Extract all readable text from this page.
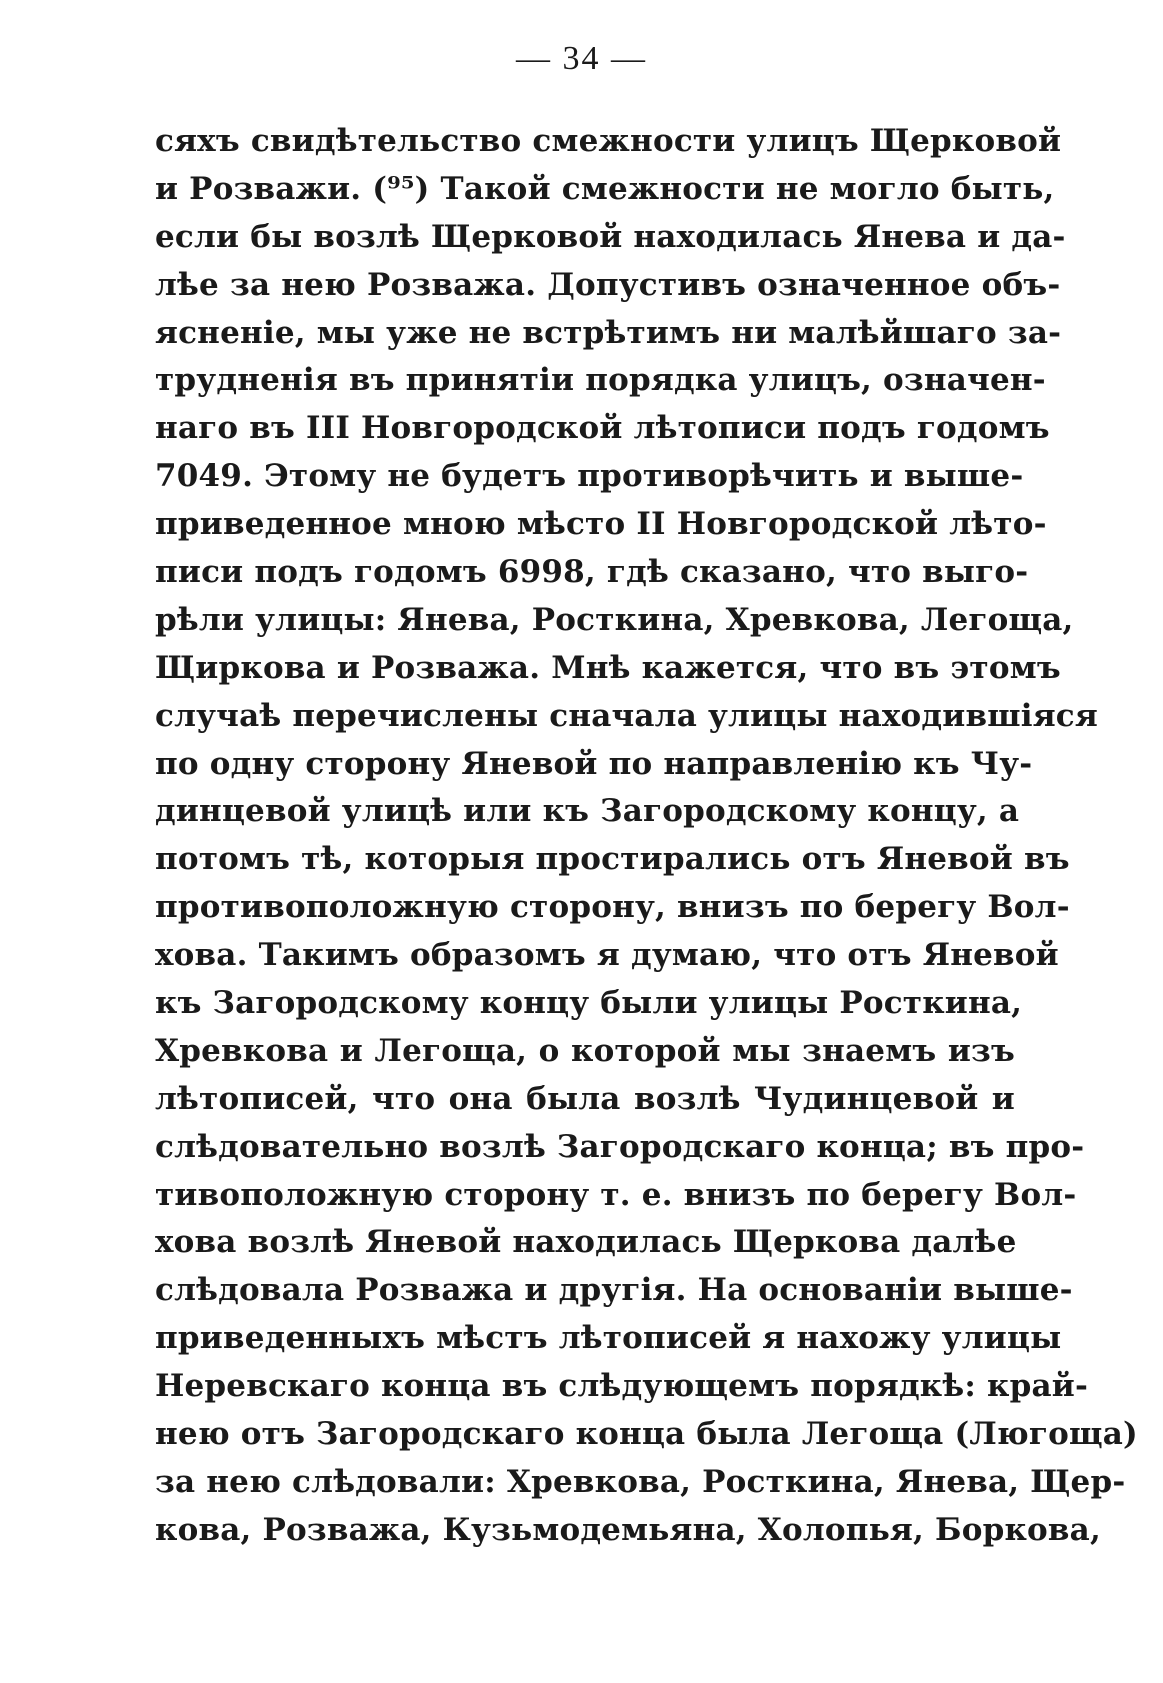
— 34 —
сяхъ свидѣтельство смежности улицъ Щерковой
и Розважи. (⁹⁵) Такой смежности не могло быть,
если бы возлѣ Щерковой находилась Янева и да-
лѣе за нею Розважа. Допустивъ означенное объ-
ясненіе, мы уже не встрѣтимъ ни малѣйшаго за-
трудненія въ принятіи порядка улицъ, означен-
наго въ III Новгородской лѣтописи подъ годомъ
7049. Этому не будетъ противорѣчить и выше-
приведенное мною мѣсто II Новгородской лѣто-
писи подъ годомъ 6998, гдѣ сказано, что выго-
рѣли улицы: Янева, Росткина, Хревкова, Легоща,
Щиркова и Розважа. Мнѣ кажется, что въ этомъ
случаѣ перечислены сначала улицы находившіяся
по одну сторону Яневой по направленію къ Чу-
динцевой улицѣ или къ Загородскому концу, а
потомъ тѣ, которыя простирались отъ Яневой въ
противоположную сторону, внизъ по берегу Вол-
хова. Такимъ образомъ я думаю, что отъ Яневой
къ Загородскому концу были улицы Росткина,
Хревкова и Легоща, о которой мы знаемъ изъ
лѣтописей, что она была возлѣ Чудинцевой и
слѣдовательно возлѣ Загородскаго конца; въ про-
тивоположную сторону т. е. внизъ по берегу Вол-
хова возлѣ Яневой находилась Щеркова далѣе
слѣдовала Розважа и другія. На основаніи выше-
приведенныхъ мѣстъ лѣтописей я нахожу улицы
Неревскаго конца въ слѣдующемъ порядкѣ: край-
нею отъ Загородскаго конца была Легоща (Люгоща)
за нею слѣдовали: Хревкова, Росткина, Янева, Щер-
кова, Розважа, Кузьмодемьяна, Холопья, Боркова,
